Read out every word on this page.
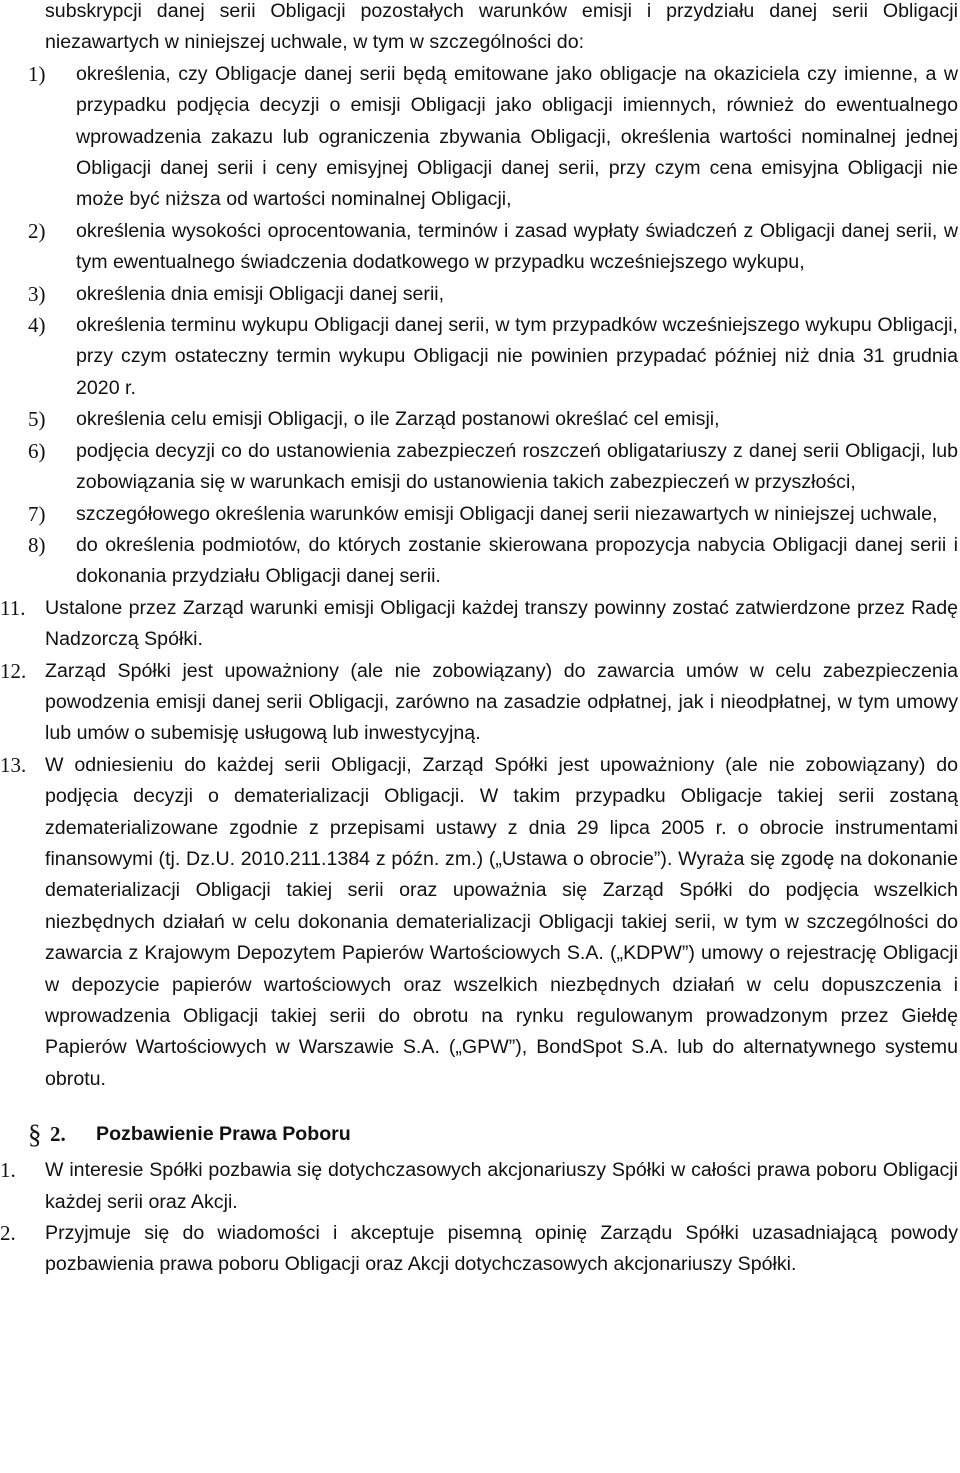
subskrypcji danej serii Obligacji pozostałych warunków emisji i przydziału danej serii Obligacji niezawartych w niniejszej uchwale, w tym w szczególności do:
1) określenia, czy Obligacje danej serii będą emitowane jako obligacje na okaziciela czy imienne, a w przypadku podjęcia decyzji o emisji Obligacji jako obligacji imiennych, również do ewentualnego wprowadzenia zakazu lub ograniczenia zbywania Obligacji, określenia wartości nominalnej jednej Obligacji danej serii i ceny emisyjnej Obligacji danej serii, przy czym cena emisyjna Obligacji nie może być niższa od wartości nominalnej Obligacji,
2) określenia wysokości oprocentowania, terminów i zasad wypłaty świadczeń z Obligacji danej serii, w tym ewentualnego świadczenia dodatkowego w przypadku wcześniejszego wykupu,
3) określenia dnia emisji Obligacji danej serii,
4) określenia terminu wykupu Obligacji danej serii, w tym przypadków wcześniejszego wykupu Obligacji, przy czym ostateczny termin wykupu Obligacji nie powinien przypadać później niż dnia 31 grudnia 2020 r.
5) określenia celu emisji Obligacji, o ile Zarząd postanowi określać cel emisji,
6) podjęcia decyzji co do ustanowienia zabezpieczeń roszczeń obligatariuszy z danej serii Obligacji, lub zobowiązania się w warunkach emisji do ustanowienia takich zabezpieczeń w przyszłości,
7) szczegółowego określenia warunków emisji Obligacji danej serii niezawartych w niniejszej uchwale,
8) do określenia podmiotów, do których zostanie skierowana propozycja nabycia Obligacji danej serii i dokonania przydziału Obligacji danej serii.
11. Ustalone przez Zarząd warunki emisji Obligacji każdej transzy powinny zostać zatwierdzone przez Radę Nadzorczą Spółki.
12. Zarząd Spółki jest upoważniony (ale nie zobowiązany) do zawarcia umów w celu zabezpieczenia powodzenia emisji danej serii Obligacji, zarówno na zasadzie odpłatnej, jak i nieodpłatnej, w tym umowy lub umów o subemisję usługową lub inwestycyjną.
13. W odniesieniu do każdej serii Obligacji, Zarząd Spółki jest upoważniony (ale nie zobowiązany) do podjęcia decyzji o dematerializacji Obligacji. W takim przypadku Obligacje takiej serii zostaną zdematerializowane zgodnie z przepisami ustawy z dnia 29 lipca 2005 r. o obrocie instrumentami finansowymi (tj. Dz.U. 2010.211.1384 z późn. zm.) („Ustawa o obrocie”). Wyraża się zgodę na dokonanie dematerializacji Obligacji takiej serii oraz upoważnia się Zarząd Spółki do podjęcia wszelkich niezbędnych działań w celu dokonania dematerializacji Obligacji takiej serii, w tym w szczególności do zawarcia z Krajowym Depozytem Papierów Wartościowych S.A. („KDPW”) umowy o rejestrację Obligacji w depozycie papierów wartościowych oraz wszelkich niezbędnych działań w celu dopuszczenia i wprowadzenia Obligacji takiej serii do obrotu na rynku regulowanym prowadzonym przez Giełdę Papierów Wartościowych w Warszawie S.A. („GPW”), BondSpot S.A. lub do alternatywnego systemu obrotu.
§ 2. Pozbawienie Prawa Poboru
1. W interesie Spółki pozbawia się dotychczasowych akcjonariuszy Spółki w całości prawa poboru Obligacji każdej serii oraz Akcji.
2. Przyjmuje się do wiadomości i akceptuje pisemną opinię Zarządu Spółki uzasadniającą powody pozbawienia prawa poboru Obligacji oraz Akcji dotychczasowych akcjonariuszy Spółki.
